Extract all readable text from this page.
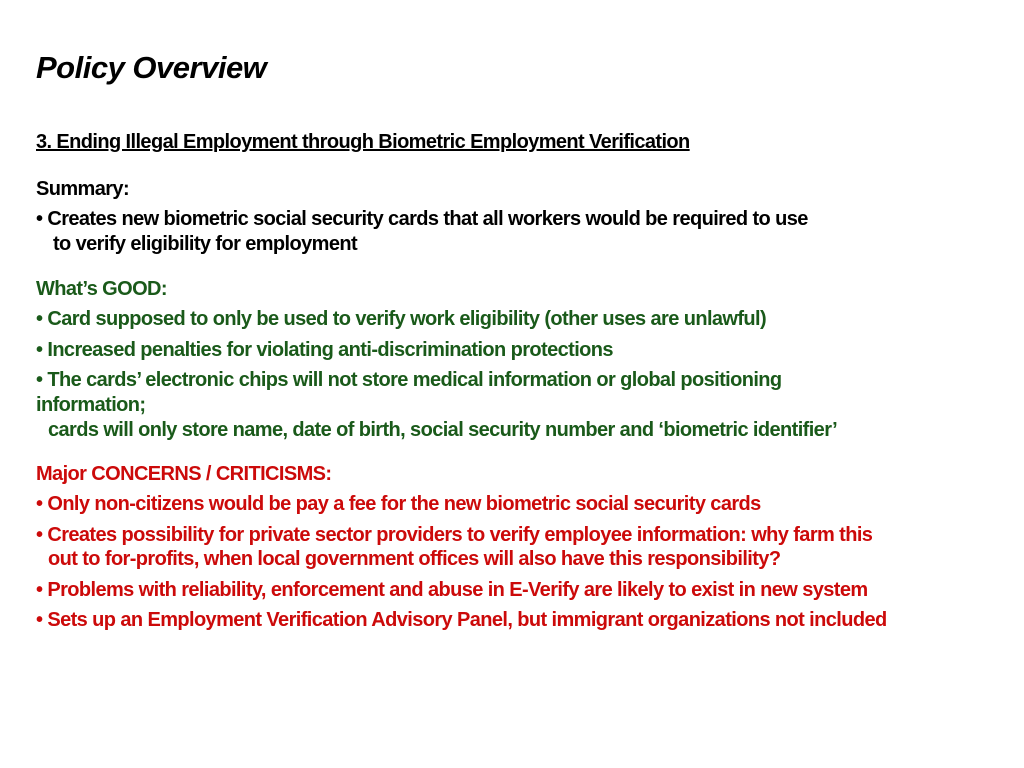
Policy Overview
3. Ending Illegal Employment through Biometric Employment Verification
Summary:
• Creates new biometric social security cards that all workers would be required to use
to verify eligibility for employment
What’s GOOD:
• Card supposed to only be used to verify work eligibility (other uses are unlawful)
• Increased penalties for violating anti-discrimination protections
• The cards’ electronic chips will not store medical information or global positioning
information;
cards will only store name, date of birth, social security number and ‘biometric identifier’
Major CONCERNS / CRITICISMS:
• Only non-citizens would be pay a fee for the new biometric social security cards
• Creates possibility for private sector providers to verify employee information: why farm this
out to for-profits, when local government offices will also have this responsibility?
• Problems with reliability, enforcement and abuse in E-Verify are likely to exist in new system
• Sets up an Employment Verification Advisory Panel, but immigrant organizations not included
